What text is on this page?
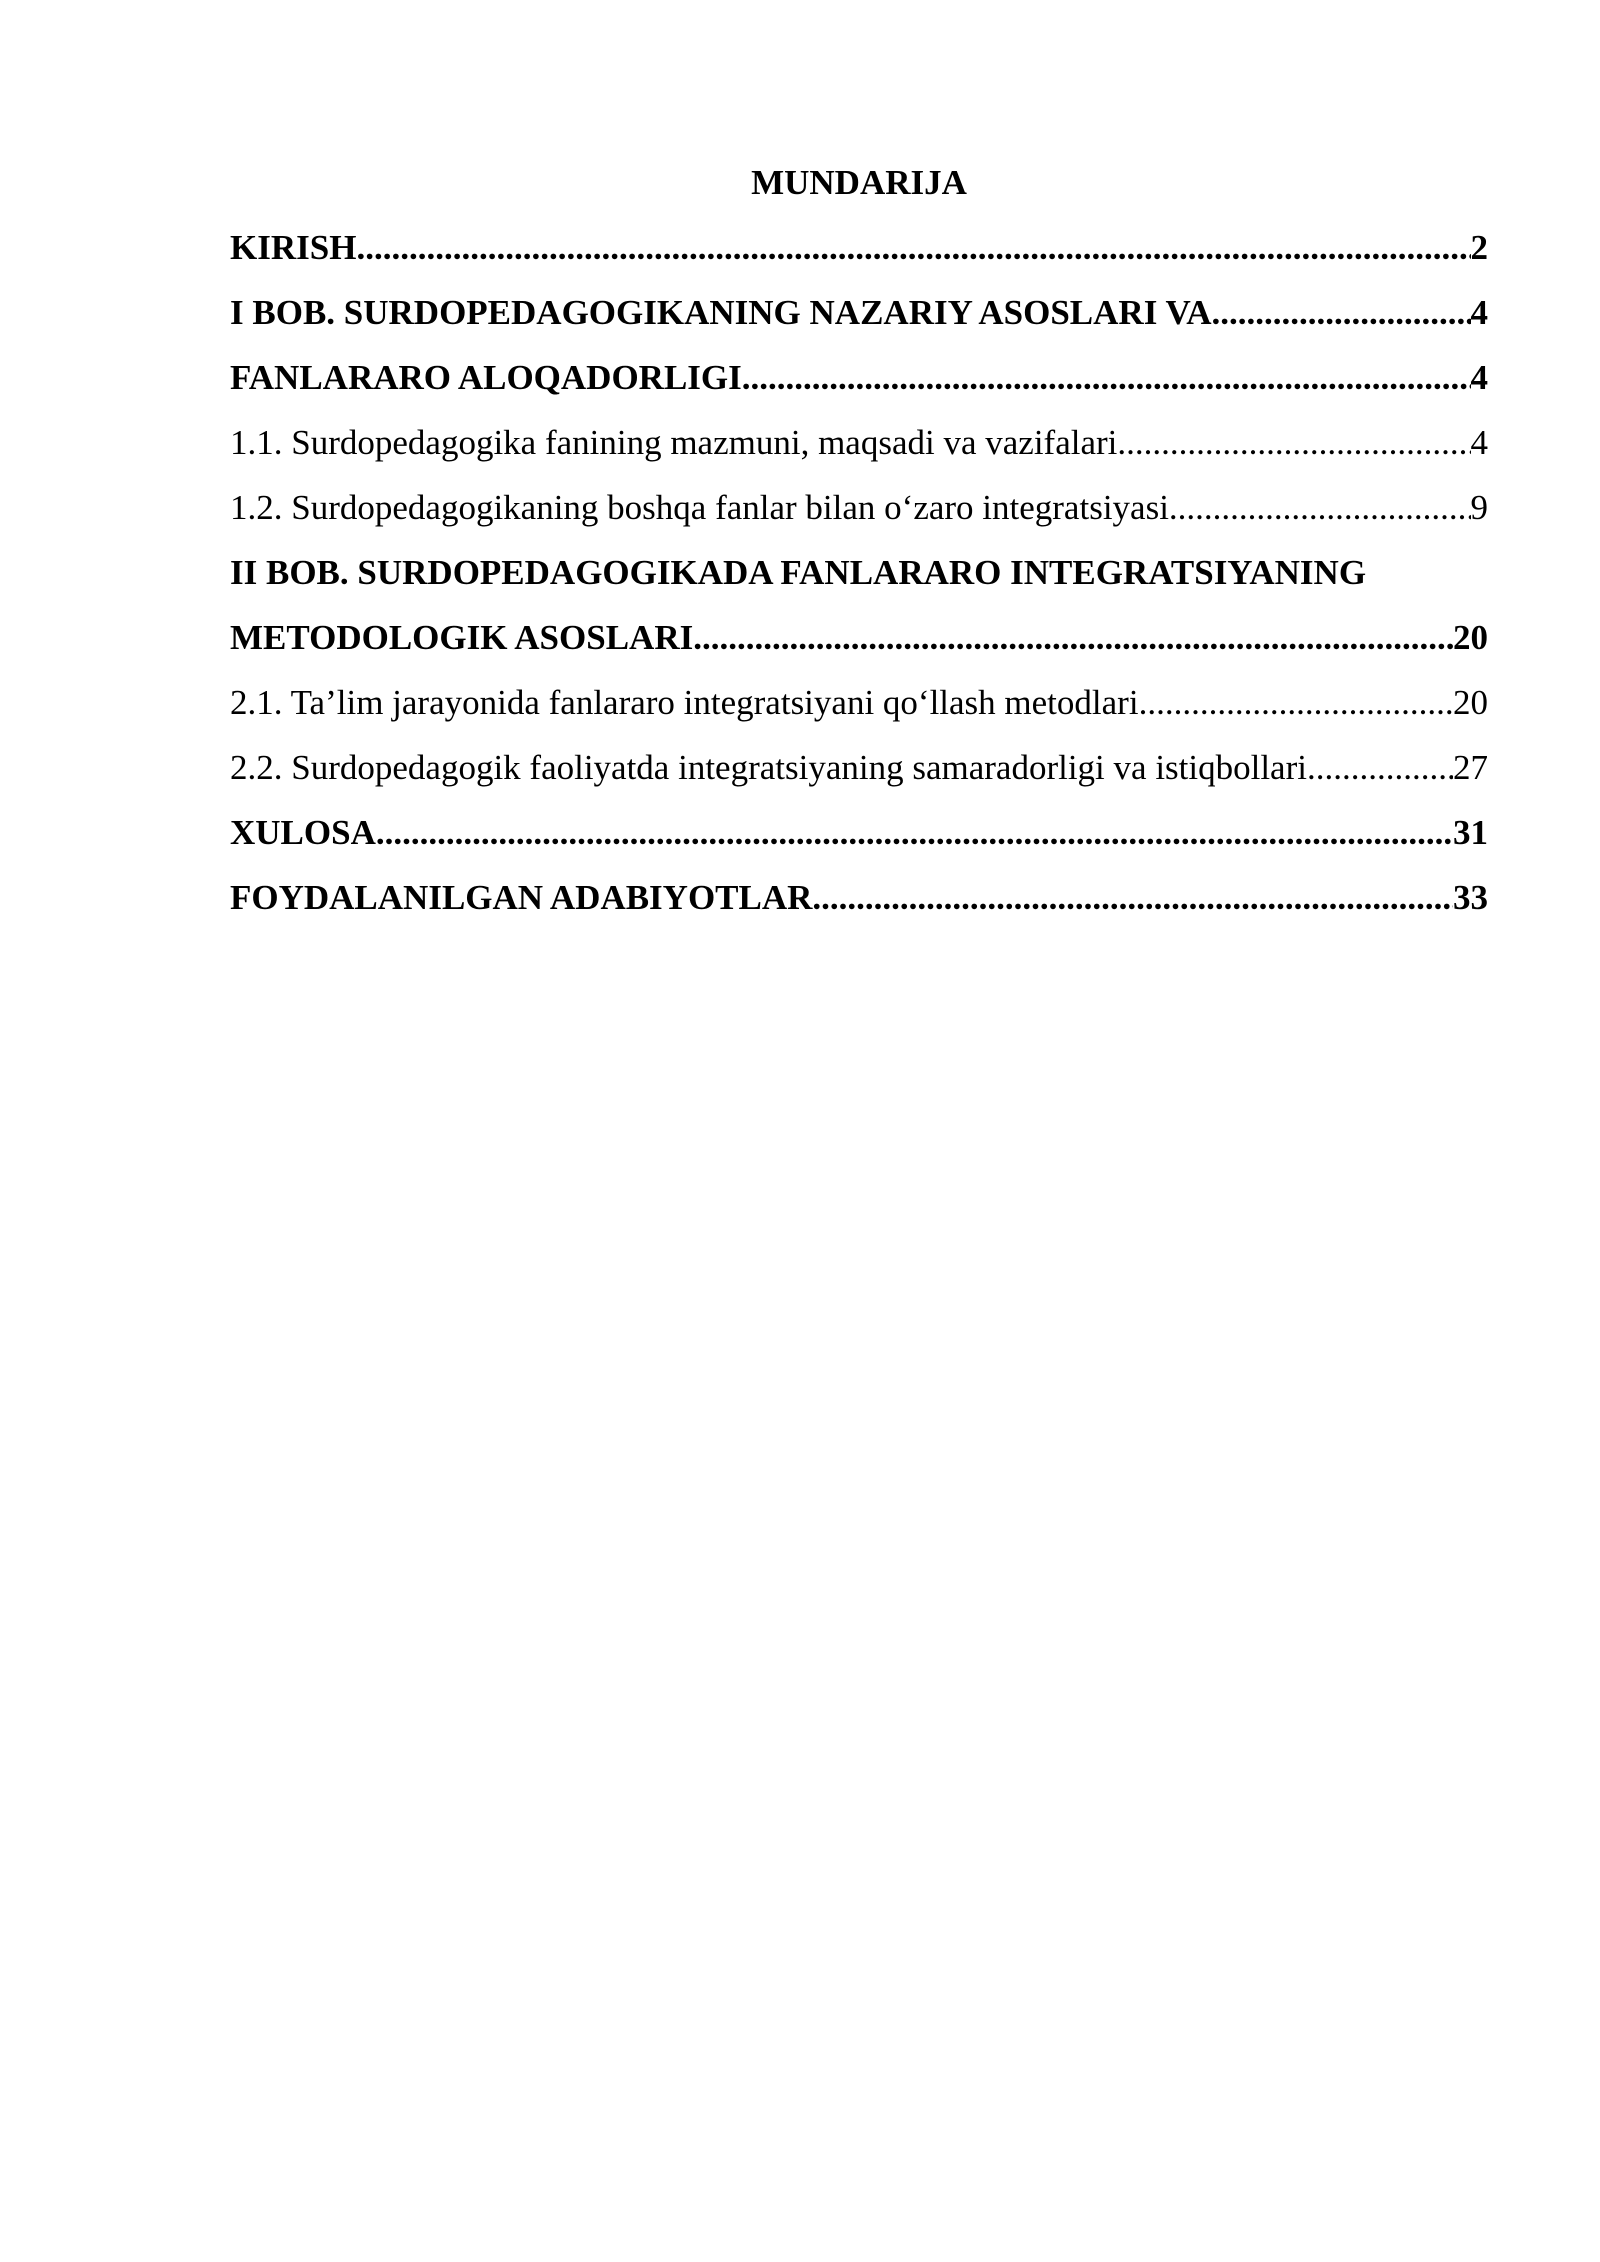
MUNDARIJA
KIRISH .....	2
I BOB. SURDOPEDAGOGIKANING NAZARIY ASOSLARI VA .....	4
FANLARARO ALOQADORLIGI .....	4
1.1. Surdopedagogika fanining mazmuni, maqsadi va vazifalari .....	4
1.2. Surdopedagogikaning boshqa fanlar bilan o‘zaro integratsiyasi .....	9
II BOB. SURDOPEDAGOGIKADA FANLARARO INTEGRATSIYANING
METODOLOGIK ASOSLARI .....	20
2.1. Ta’lim jarayonida fanlararo integratsiyani qo‘llash metodlari .....	20
2.2. Surdopedagogik faoliyatda integratsiyaning samaradorligi va istiqbollari .....	27
XULOSA .....	31
FOYDALANILGAN ADABIYOTLAR .....	33
